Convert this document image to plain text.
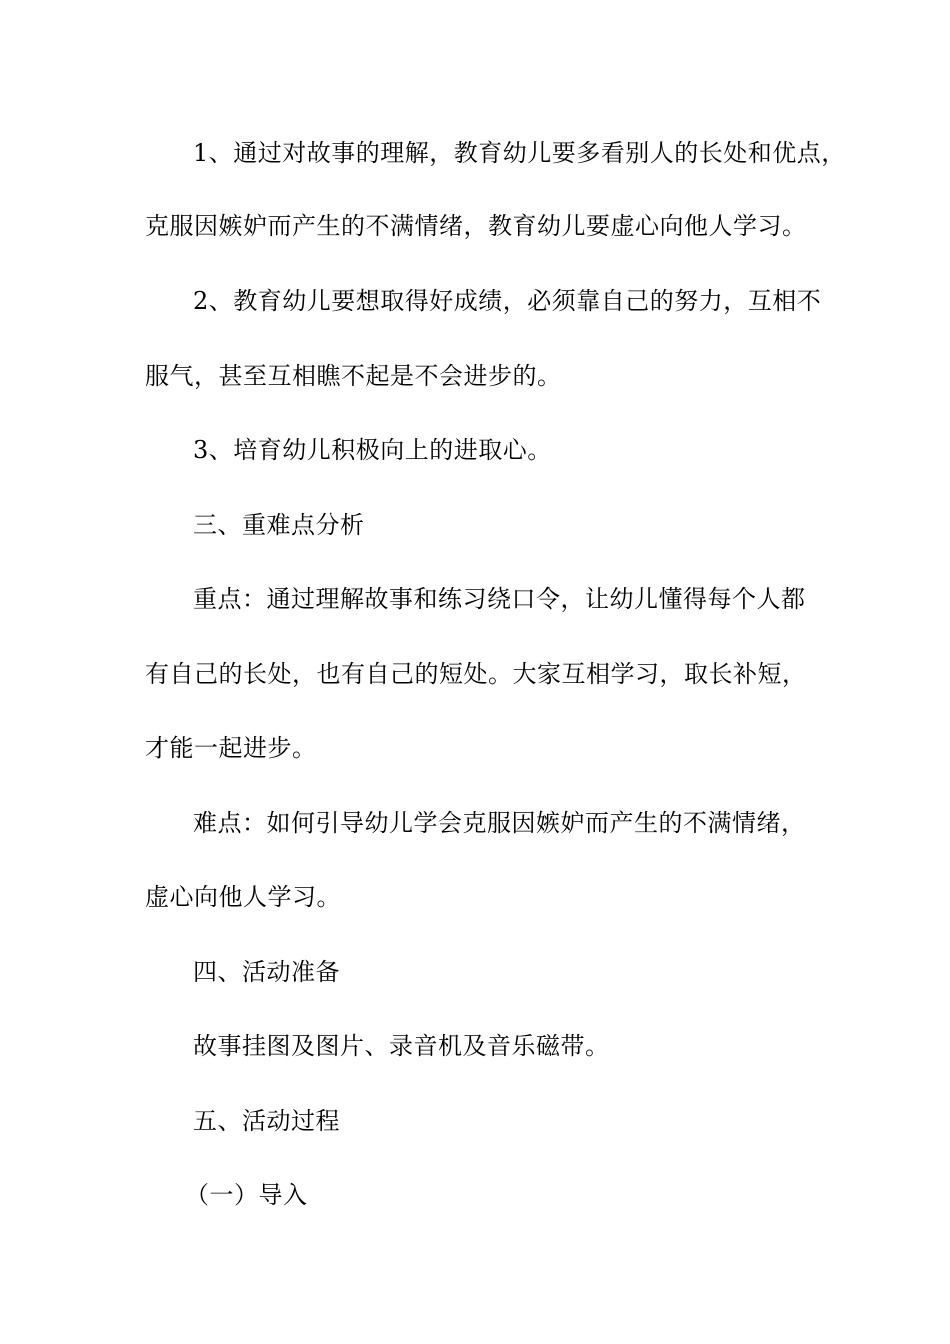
1、通过对故事的理解，教育幼儿要多看别人的长处和优点，
克服因嫉妒而产生的不满情绪，教育幼儿要虚心向他人学习。
2、教育幼儿要想取得好成绩，必须靠自己的努力，互相不
服气，甚至互相瞧不起是不会进步的。
3、培育幼儿积极向上的进取心。
三、重难点分析
重点：通过理解故事和练习绕口令，让幼儿懂得每个人都
有自己的长处，也有自己的短处。大家互相学习，取长补短，
才能一起进步。
难点：如何引导幼儿学会克服因嫉妒而产生的不满情绪，
虚心向他人学习。
四、活动准备
故事挂图及图片、录音机及音乐磁带。
五、活动过程
（一）导入
